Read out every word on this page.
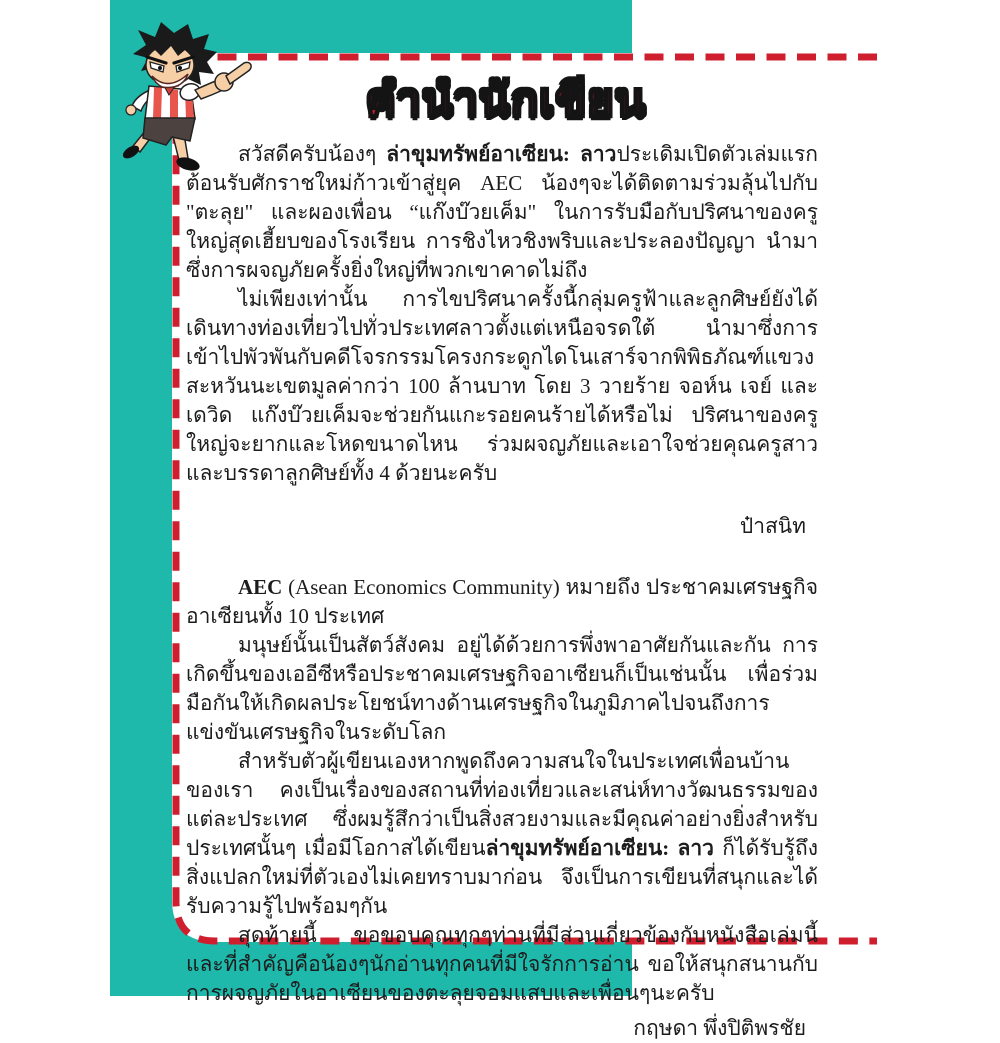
คำนำนักเขียน

สวัสดีครับน้องๆ ล่าขุมทรัพย์อาเซียน: ลาวประเดิมเปิดตัวเล่มแรกต้อนรับศักราชใหม่ก้าวเข้าสู่ยุค AEC น้องๆจะได้ติดตามร่วมลุ้นไปกับ "ตะลุย" และผองเพื่อน “แก๊งบ๊วยเค็ม" ในการรับมือกับปริศนาของครูใหญ่สุดเฮี้ยบของโรงเรียน การชิงไหวชิงพริบและประลองปัญญา นำมาซึ่งการผจญภัยครั้งยิ่งใหญ่ที่พวกเขาคาดไม่ถึง

ไม่เพียงเท่านั้น การไขปริศนาครั้งนี้กลุ่มครูฟ้าและลูกศิษย์ยังได้เดินทางท่องเที่ยวไปทั่วประเทศลาวตั้งแต่เหนือจรดใต้ นำมาซึ่งการเข้าไปพัวพันกับคดีโจรกรรมโครงกระดูกไดโนเสาร์จากพิพิธภัณฑ์แขวงสะหวันนะเขตมูลค่ากว่า 100 ล้านบาท โดย 3 วายร้าย จอห์น เจย์ และเดวิด แก๊งบ๊วยเค็มจะช่วยกันแกะรอยคนร้ายได้หรือไม่ ปริศนาของครูใหญ่จะยากและโหดขนาดไหน ร่วมผจญภัยและเอาใจช่วยคุณครูสาวและบรรดาลูกศิษย์ทั้ง 4 ด้วยนะครับ

ป๋าสนิท

AEC (Asean Economics Community) หมายถึง ประชาคมเศรษฐกิจอาเซียนทั้ง 10 ประเทศ

มนุษย์นั้นเป็นสัตว์สังคม อยู่ได้ด้วยการพึ่งพาอาศัยกันและกัน การเกิดขึ้นของเออีซีหรือประชาคมเศรษฐกิจอาเซียนก็เป็นเช่นนั้น เพื่อร่วมมือกันให้เกิดผลประโยชน์ทางด้านเศรษฐกิจในภูมิภาคไปจนถึงการแข่งขันเศรษฐกิจในระดับโลก

สำหรับตัวผู้เขียนเองหากพูดถึงความสนใจในประเทศเพื่อนบ้านของเรา คงเป็นเรื่องของสถานที่ท่องเที่ยวและเสน่ห์ทางวัฒนธรรมของแต่ละประเทศ ซึ่งผมรู้สึกว่าเป็นสิ่งสวยงามและมีคุณค่าอย่างยิ่งสำหรับประเทศนั้นๆ เมื่อมีโอกาสได้เขียนล่าขุมทรัพย์อาเซียน: ลาว ก็ได้รับรู้ถึงสิ่งแปลกใหม่ที่ตัวเองไม่เคยทราบมาก่อน จึงเป็นการเขียนที่สนุกและได้รับความรู้ไปพร้อมๆกัน

สุดท้ายนี้ ขอขอบคุณทุกๆท่านที่มีส่วนเกี่ยวข้องกับหนังสือเล่มนี้ และที่สำคัญคือน้องๆนักอ่านทุกคนที่มีใจรักการอ่าน ขอให้สนุกสนานกับการผจญภัยในอาเซียนของตะลุยจอมแสบและเพื่อนๆนะครับ

กฤษดา พึ่งปิติพรชัย
